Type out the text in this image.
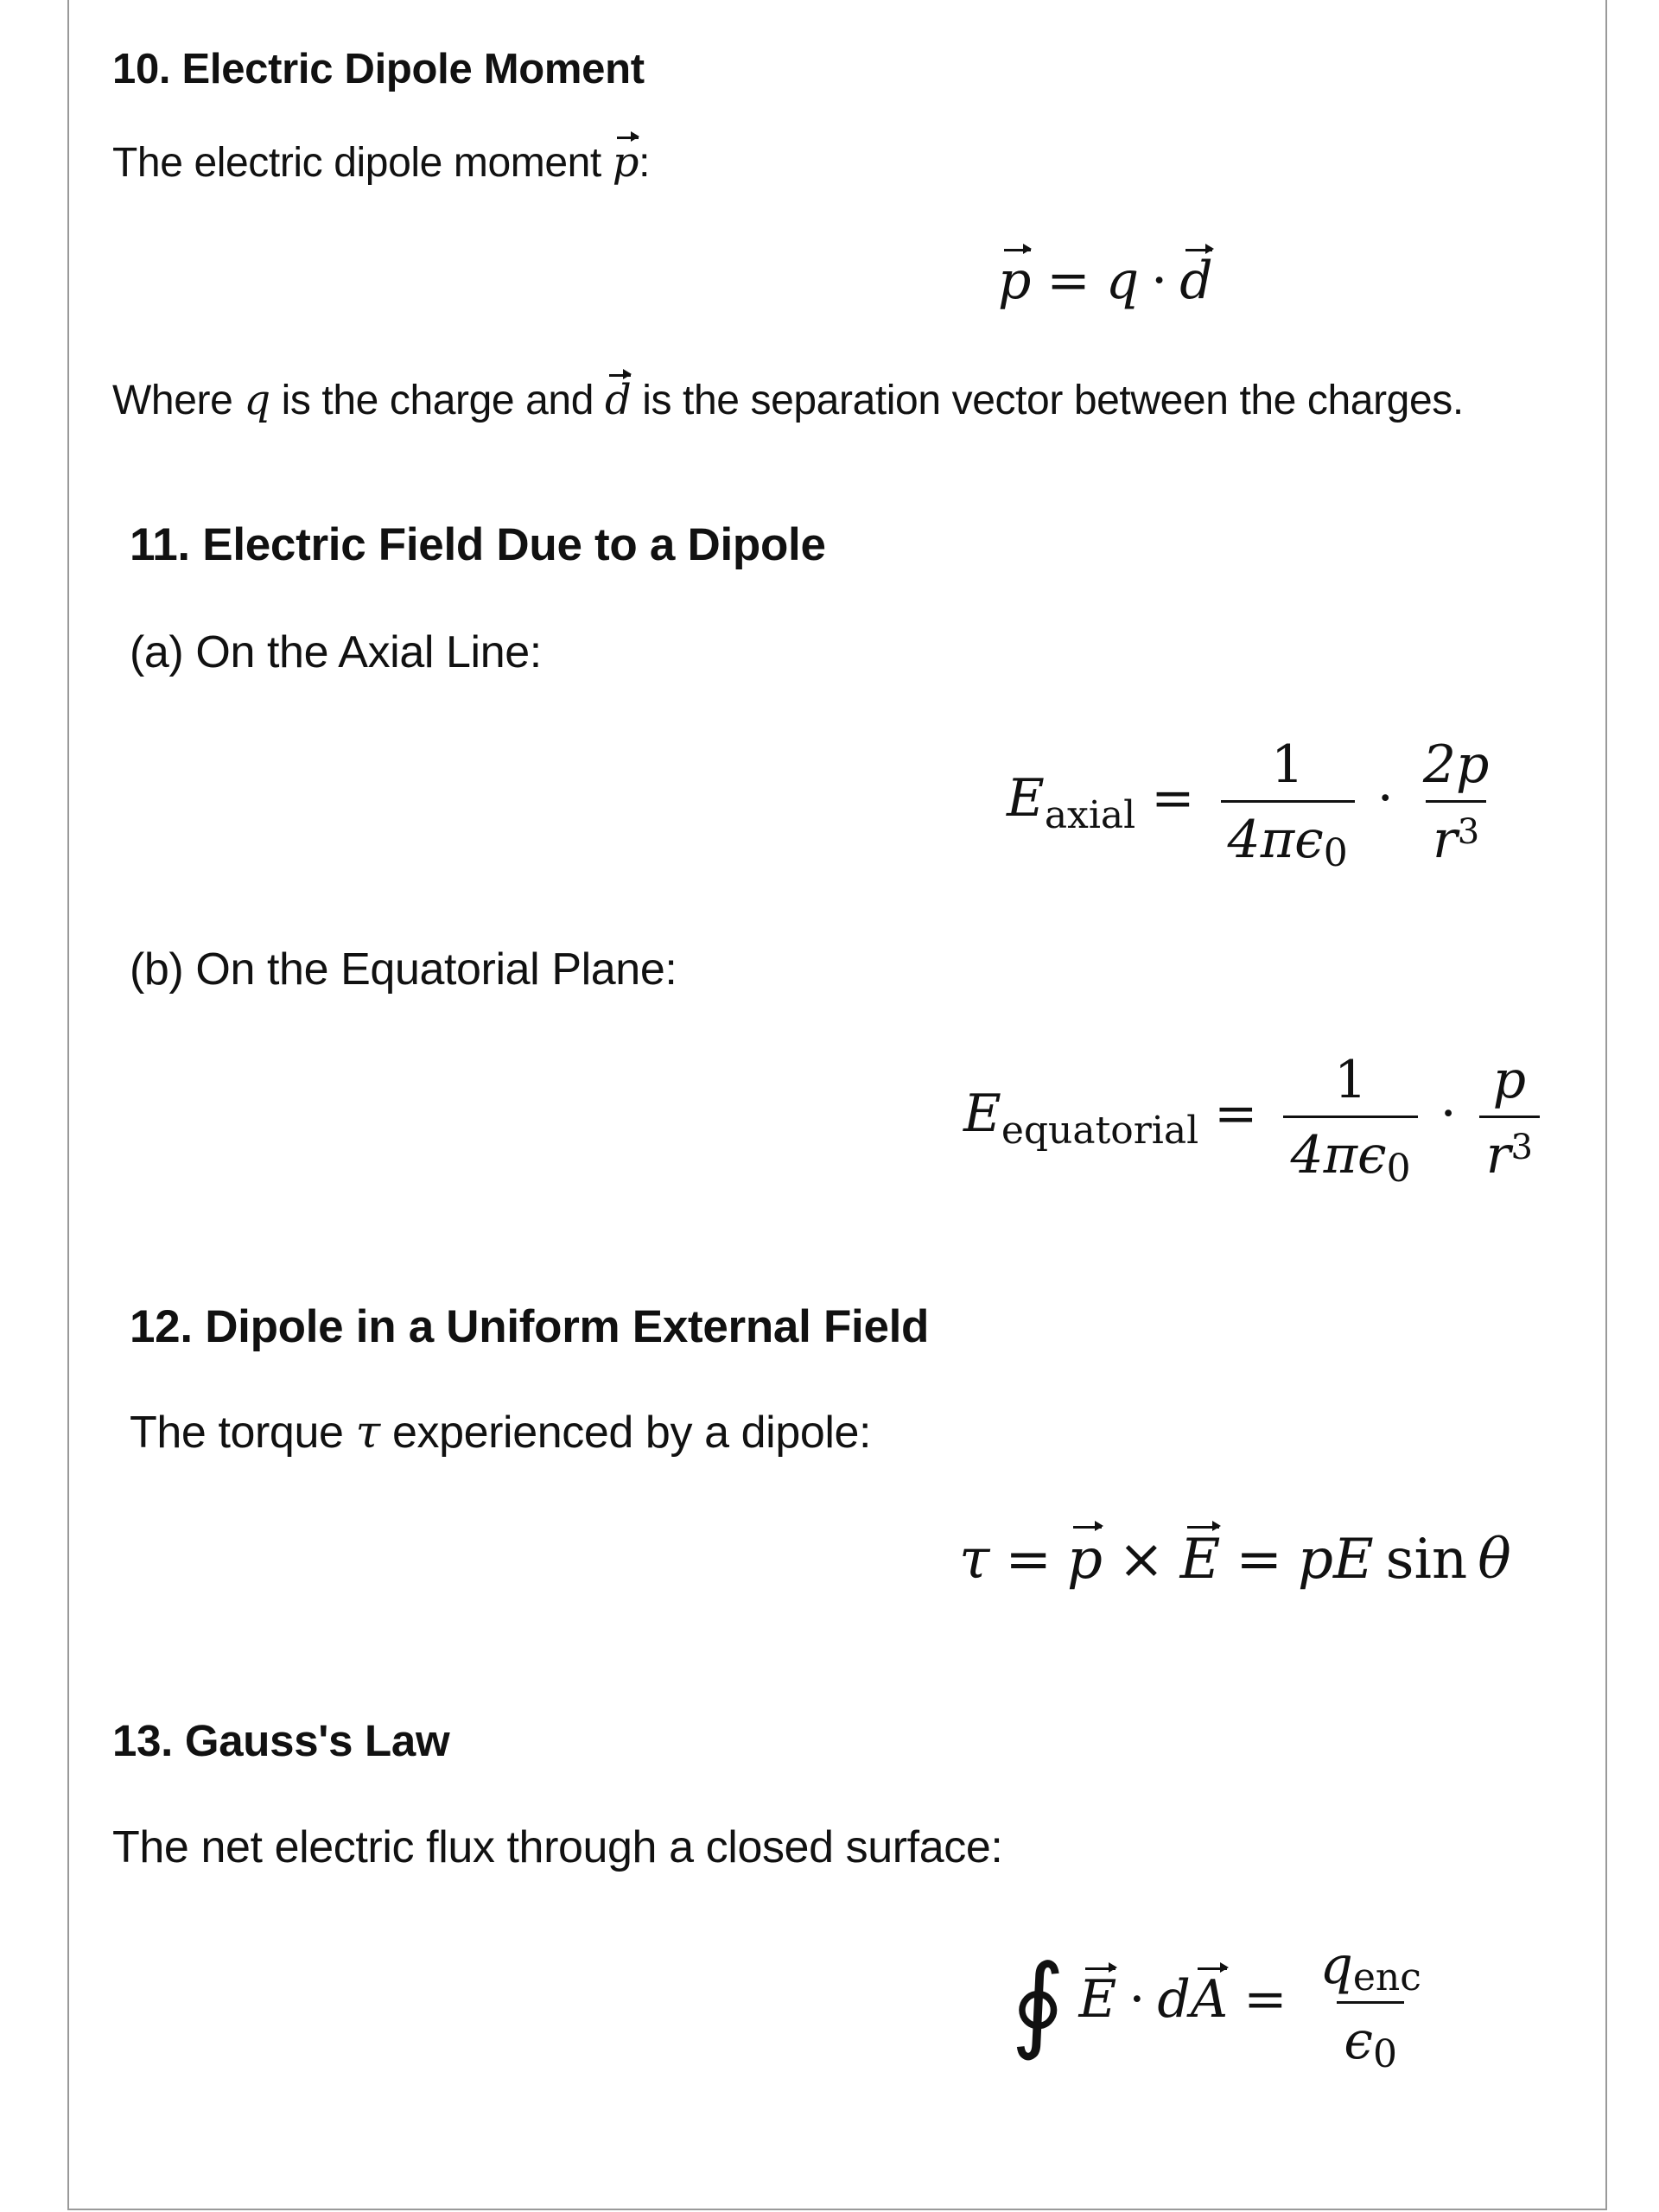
10. Electric Dipole Moment

The electric dipole moment p:

p = q · d

Where q is the charge and d is the separation vector between the charges.

11. Electric Field Due to a Dipole

(a) On the Axial Line:

$E_{axial} = \frac{1}{4\pi\epsilon 0} \cdot \frac{2p}{r^3}$

(b) On the Equatorial Plane:

$E_{equatorial} = \frac{1}{4\pi\epsilon 0} \cdot \frac{p}{r^3}$
12. Dipole in a Uniform External Field

The torque τ experienced by a dipole:

τ = p × E = pE sin θ
13. Gauss's Law

The net electric flux through a closed surface:

∮ E · dA = $\frac{\text{qenc}}{\epsilon 0}$
